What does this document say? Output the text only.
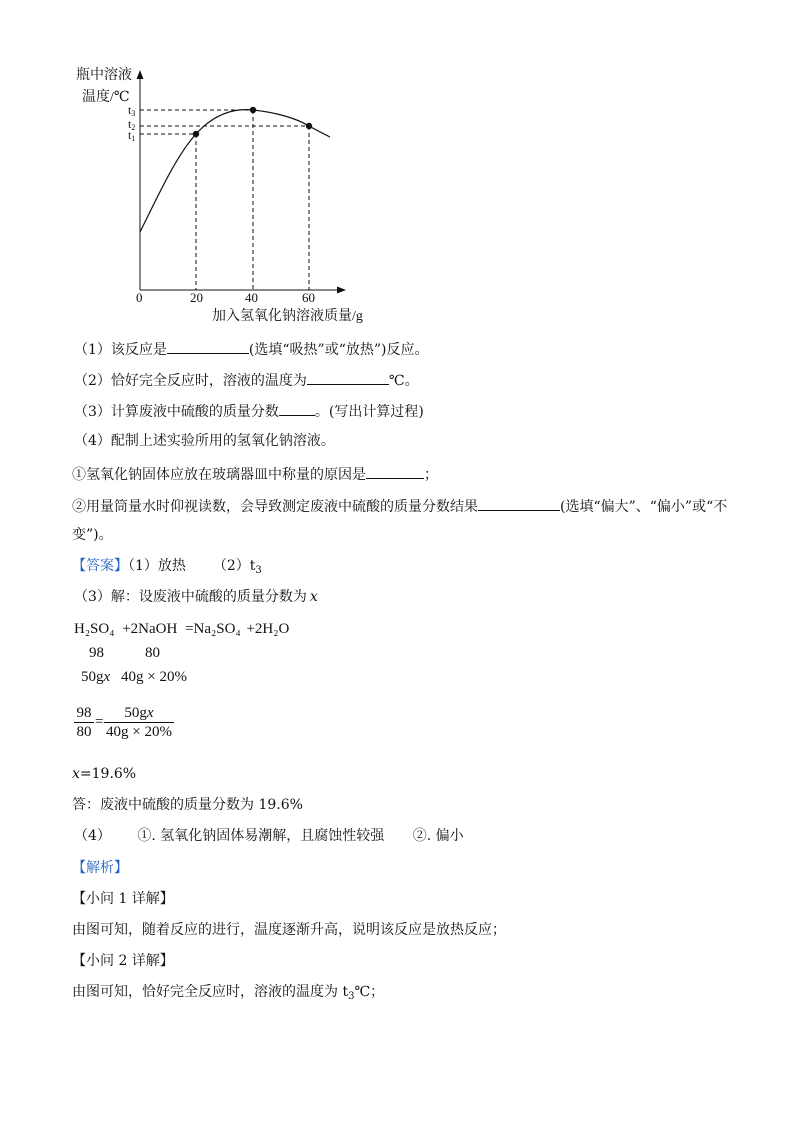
瓶中溶液
温度/℃
0	20	40	60
加入氢氧化钠溶液质量/g
t3
t2
t1
（1）该反应是	(选填“吸热”或“放热”)反应。
（2）恰好完全反应时，溶液的温度为	℃。
（3）计算废液中硫酸的质量分数	。(写出计算过程)
（4）配制上述实验所用的氢氧化钠溶液。
①氢氧化钠固体应放在玻璃器皿中称量的原因是	；
②用量筒量水时仰视读数，会导致测定废液中硫酸的质量分数结果	(选填“偏大”、“偏小”或“不
变”)。
【答案】（1）放热 $(2)t_3$
（3）解：设废液中硫酸的质量分数为 x
H₂SO₄ +2NaOH =Na₂SO₄ +2H₂O
98	80
50gx 40g × 20%
$\frac{98}{80} = \frac{50gx}{40g \times 20\%}$
x=19.6%
答：废液中硫酸的质量分数为 19.6%
（4） ①. 氢氧化钠固体易潮解，且腐蚀性较强 ②. 偏小
【解析】
【小问 1 详解】
由图可知，随着反应的进行，温度逐渐升高，说明该反应是放热反应；
【小问 2 详解】
由图可知，恰好完全反应时，溶液的温度为 $t_3℃$；
